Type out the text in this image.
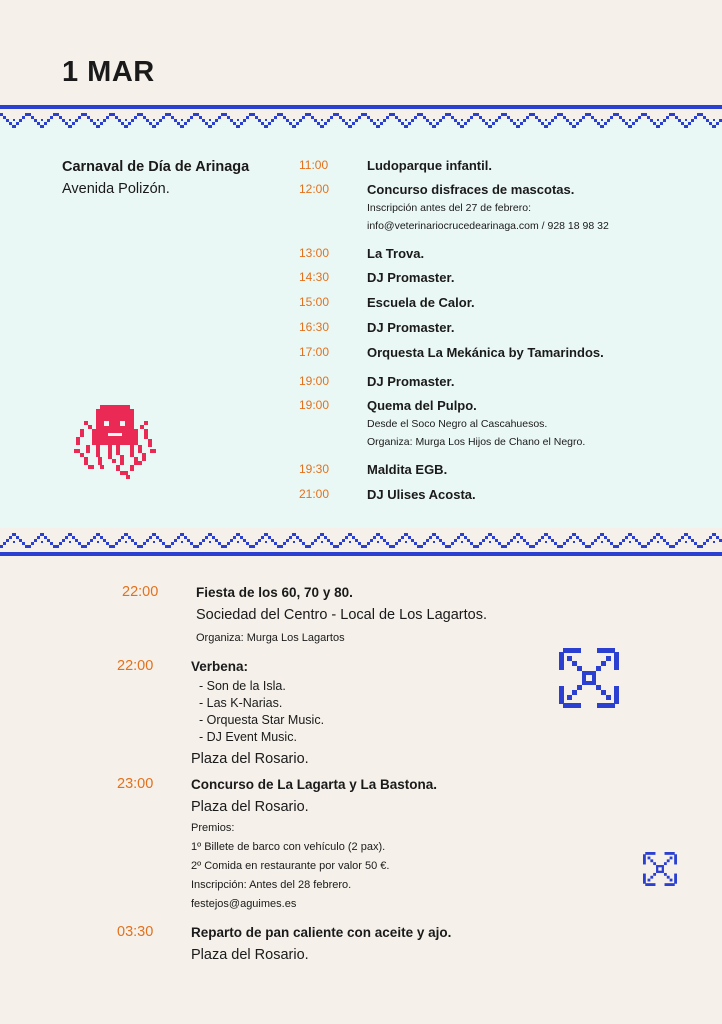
1 MAR
Carnaval de Día de Arinaga
Avenida Polizón.
11:00	Ludoparque infantil.
12:00	Concurso disfraces de mascotas.
Inscripción antes del 27 de febrero:
info@veterinariocrucedearinaga.com / 928 18 98 32
13:00	La Trova.
14:30	DJ Promaster.
15:00	Escuela de Calor.
16:30	DJ Promaster.
17:00	Orquesta La Mekánica by Tamarindos.
19:00	DJ Promaster.
19:00	Quema del Pulpo.
Desde el Soco Negro al Cascahuesos.
Organiza: Murga Los Hijos de Chano el Negro.
19:30	Maldita EGB.
21:00	DJ Ulises Acosta.
22:00	Fiesta de los 60, 70 y 80.
Sociedad del Centro - Local de Los Lagartos.
Organiza: Murga Los Lagartos
22:00	Verbena:
- Son de la Isla.
- Las K-Narias.
- Orquesta Star Music.
- DJ Event Music.
Plaza del Rosario.
23:00	Concurso de La Lagarta y La Bastona.
Plaza del Rosario.
Premios:
1º Billete de barco con vehículo (2 pax).
2º Comida en restaurante por valor 50 €.
Inscripción: Antes del 28 febrero.
festejos@aguimes.es
03:30	Reparto de pan caliente con aceite y ajo.
Plaza del Rosario.
